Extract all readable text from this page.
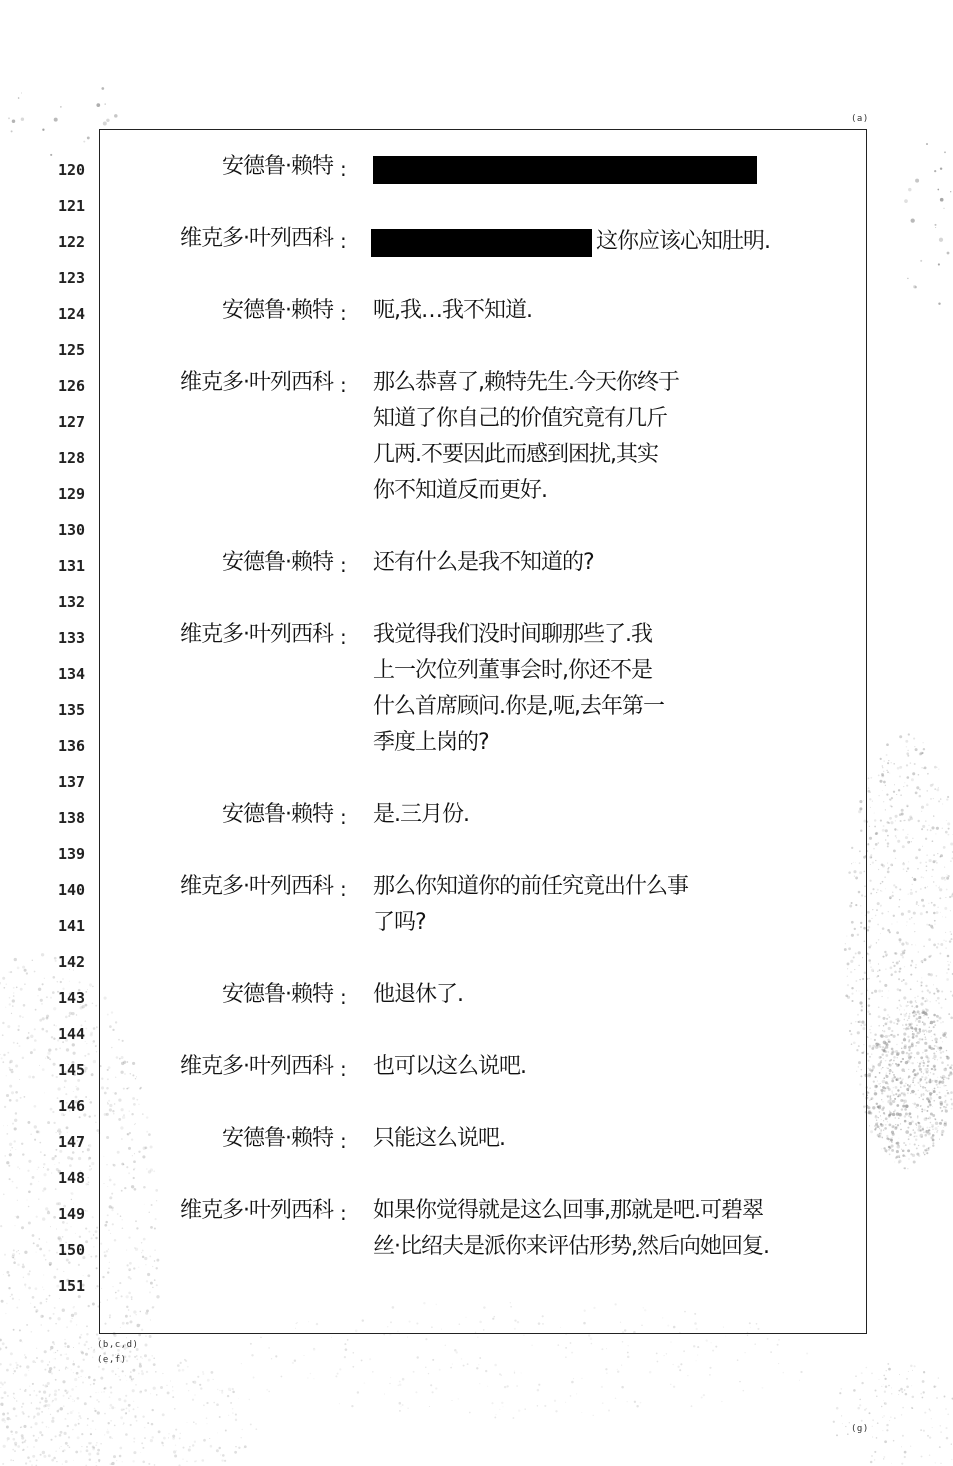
(a)
(b,c,d)
(e,f)
(g)
120	安德鲁·赖特 :
121
122	维克多·叶列西科 :	这你应该心知肚明.
123
124	安德鲁·赖特 : 呃,我…我不知道.
125
126	维克多·叶列西科 : 那么恭喜了,赖特先生.今天你终于
127	知道了你自己的价值究竟有几斤
128	几两.不要因此而感到困扰,其实
129	你不知道反而更好.
130
131	安德鲁·赖特 : 还有什么是我不知道的?
132
133	维克多·叶列西科 : 我觉得我们没时间聊那些了.我
134	上一次位列董事会时,你还不是
135	什么首席顾问.你是,呃,去年第一
136	季度上岗的?
137
138	安德鲁·赖特 : 是.三月份.
139
140	维克多·叶列西科 : 那么你知道你的前任究竟出什么事
141	了吗?
142
143	安德鲁·赖特 : 他退休了.
144
145	维克多·叶列西科 : 也可以这么说吧.
146
147	安德鲁·赖特 : 只能这么说吧.
148
149	维克多·叶列西科 : 如果你觉得就是这么回事,那就是吧.可碧翠
150	丝·比绍夫是派你来评估形势,然后向她回复.
151
